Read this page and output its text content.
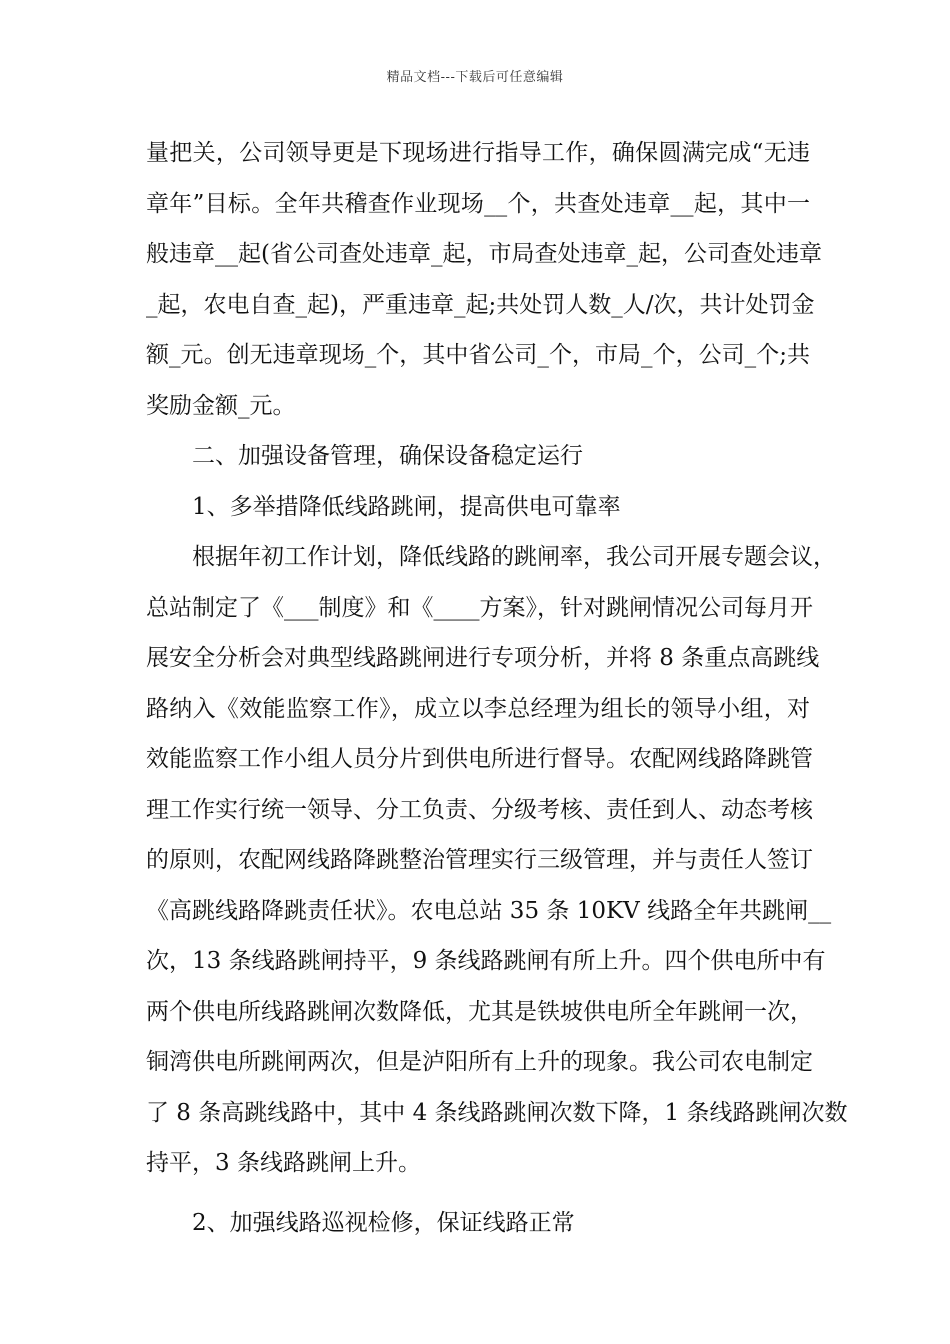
精品文档---下载后可任意编辑
量把关，公司领导更是下现场进行指导工作，确保圆满完成“无违
章年”目标。全年共稽查作业现场__个，共查处违章__起，其中一
般违章__起(省公司查处违章_起，市局查处违章_起，公司查处违章
_起，农电自查_起)，严重违章_起;共处罚人数_人/次，共计处罚金
额_元。创无违章现场_个，其中省公司_个，市局_个，公司_个;共
奖励金额_元。
二、加强设备管理，确保设备稳定运行
1、多举措降低线路跳闸，提高供电可靠率
根据年初工作计划，降低线路的跳闸率，我公司开展专题会议，
总站制定了《___制度》和《____方案》，针对跳闸情况公司每月开
展安全分析会对典型线路跳闸进行专项分析，并将 8 条重点高跳线
路纳入《效能监察工作》，成立以李总经理为组长的领导小组，对
效能监察工作小组人员分片到供电所进行督导。农配网线路降跳管
理工作实行统一领导、分工负责、分级考核、责任到人、动态考核
的原则，农配网线路降跳整治管理实行三级管理，并与责任人签订
《高跳线路降跳责任状》。农电总站 35 条 10KV 线路全年共跳闸__
次，13 条线路跳闸持平，9 条线路跳闸有所上升。四个供电所中有
两个供电所线路跳闸次数降低，尤其是铁坡供电所全年跳闸一次，
铜湾供电所跳闸两次，但是泸阳所有上升的现象。我公司农电制定
了 8 条高跳线路中，其中 4 条线路跳闸次数下降，1 条线路跳闸次数
持平，3 条线路跳闸上升。
2、加强线路巡视检修，保证线路正常
